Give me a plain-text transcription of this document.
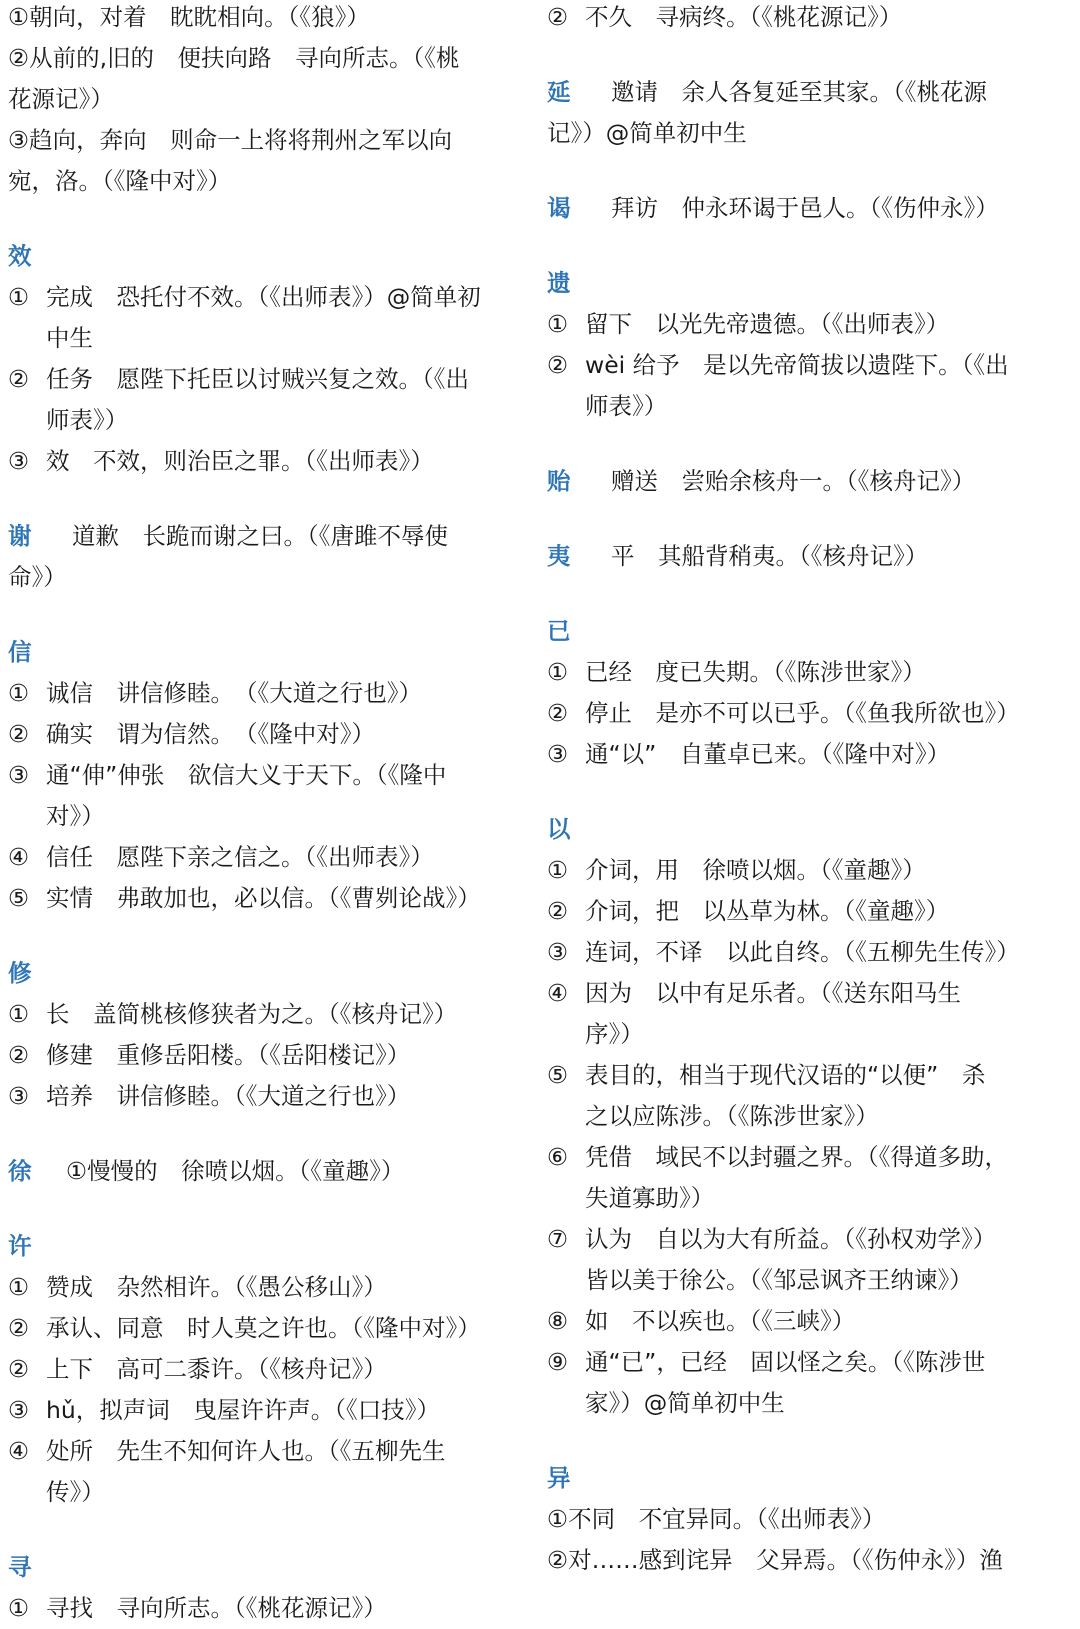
①朝向，对着　眈眈相向。（《狼》）
②从前的,旧的　便扶向路　寻向所志。（《桃
花源记》）
③趋向，奔向　则命一上将将荆州之军以向
宛，洛。（《隆中对》）
效
① 完成　恐托付不效。（《出师表》）@简单初
中生
② 任务　愿陛下托臣以讨贼兴复之效。（《出
师表》）
③ 效　不效，则治臣之罪。（《出师表》）
谢 道歉　长跪而谢之曰。（《唐雎不辱使
命》）
信
① 诚信　讲信修睦。　（《大道之行也》）
② 确实　谓为信然。　（《隆中对》）
③ 通“伸”伸张　欲信大义于天下。（《隆中
对》）
④ 信任　愿陛下亲之信之。（《出师表》）
⑤ 实情　弗敢加也，必以信。（《曹刿论战》）
修
① 长　盖简桃核修狭者为之。（《核舟记》）
② 修建　重修岳阳楼。（《岳阳楼记》）
③ 培养　讲信修睦。（《大道之行也》）
徐 ①慢慢的　徐喷以烟。（《童趣》）
许
① 赞成　杂然相许。（《愚公移山》）
② 承认、同意　时人莫之许也。（《隆中对》）
② 上下　高可二黍许。（《核舟记》）
③ hǔ，拟声词　曳屋许许声。（《口技》）
④ 处所　先生不知何许人也。（《五柳先生
传》）
寻
① 寻找　寻向所志。（《桃花源记》）
② 不久　寻病终。（《桃花源记》）
延 邀请　余人各复延至其家。（《桃花源
记》）@简单初中生
谒 拜访　仲永环谒于邑人。（《伤仲永》）
遗
① 留下　以光先帝遗德。（《出师表》）
② wèi 给予　是以先帝简拔以遗陛下。（《出
师表》）
贻 赠送　尝贻余核舟一。（《核舟记》）
夷 平　其船背稍夷。（《核舟记》）
已
① 已经　度已失期。（《陈涉世家》）
② 停止　是亦不可以已乎。（《鱼我所欲也》）
③ 通“以”　自董卓已来。（《隆中对》）
以
① 介词，用　徐喷以烟。（《童趣》）
② 介词，把　以丛草为林。（《童趣》）
③ 连词，不译　以此自终。（《五柳先生传》）
④ 因为　以中有足乐者。（《送东阳马生
序》）
⑤ 表目的，相当于现代汉语的“以便”　杀
之以应陈涉。（《陈涉世家》）
⑥ 凭借　域民不以封疆之界。（《得道多助，
失道寡助》）
⑦ 认为　自以为大有所益。（《孙权劝学》）
皆以美于徐公。（《邹忌讽齐王纳谏》）
⑧ 如　不以疾也。（《三峡》）
⑨ 通“已”，已经　固以怪之矣。（《陈涉世
家》）@简单初中生
异
①不同　不宜异同。（《出师表》）
②对……感到诧异　父异焉。（《伤仲永》）渔
